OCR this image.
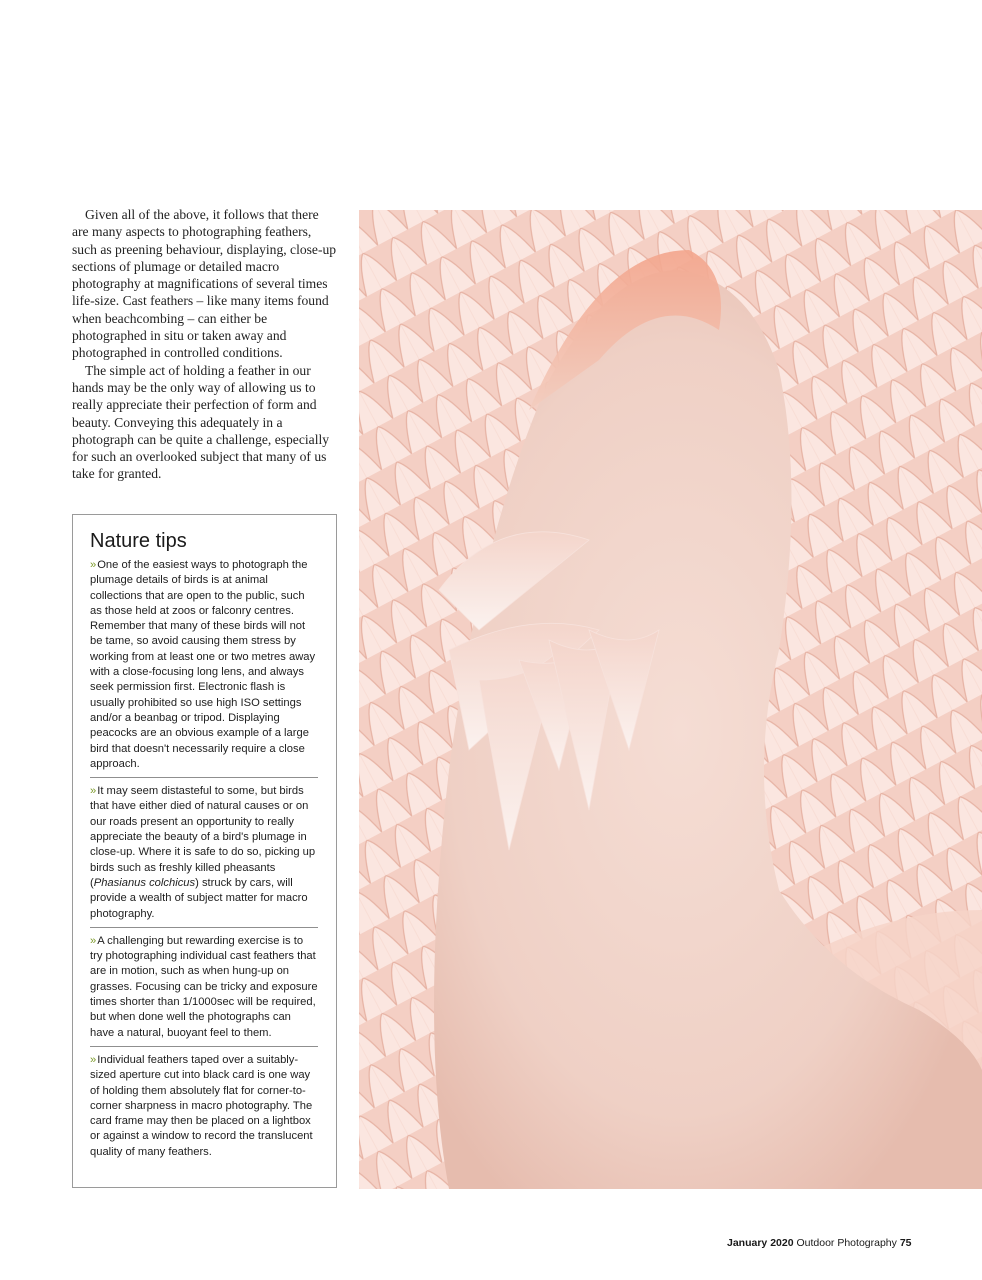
Given all of the above, it follows that there are many aspects to photographing feathers, such as preening behaviour, displaying, close-up sections of plumage or detailed macro photography at magnifications of several times life-size. Cast feathers – like many items found when beachcombing – can either be photographed in situ or taken away and photographed in controlled conditions.

The simple act of holding a feather in our hands may be the only way of allowing us to really appreciate their perfection of form and beauty. Conveying this adequately in a photograph can be quite a challenge, especially for such an overlooked subject that many of us take for granted.

Nature tips

»One of the easiest ways to photograph the plumage details of birds is at animal collections that are open to the public, such as those held at zoos or falconry centres. Remember that many of these birds will not be tame, so avoid causing them stress by working from at least one or two metres away with a close-focusing long lens, and always seek permission first. Electronic flash is usually prohibited so use high ISO settings and/or a beanbag or tripod. Displaying peacocks are an obvious example of a large bird that doesn't necessarily require a close approach.

»It may seem distasteful to some, but birds that have either died of natural causes or on our roads present an opportunity to really appreciate the beauty of a bird's plumage in close-up. Where it is safe to do so, picking up birds such as freshly killed pheasants (Phasianus colchicus) struck by cars, will provide a wealth of subject matter for macro photography.

»A challenging but rewarding exercise is to try photographing individual cast feathers that are in motion, such as when hung-up on grasses. Focusing can be tricky and exposure times shorter than 1/1000sec will be required, but when done well the photographs can have a natural, buoyant feel to them.

»Individual feathers taped over a suitably-sized aperture cut into black card is one way of holding them absolutely flat for corner-to-corner sharpness in macro photography. The card frame may then be placed on a lightbox or against a window to record the translucent quality of many feathers.

January 2020 Outdoor Photography 75
